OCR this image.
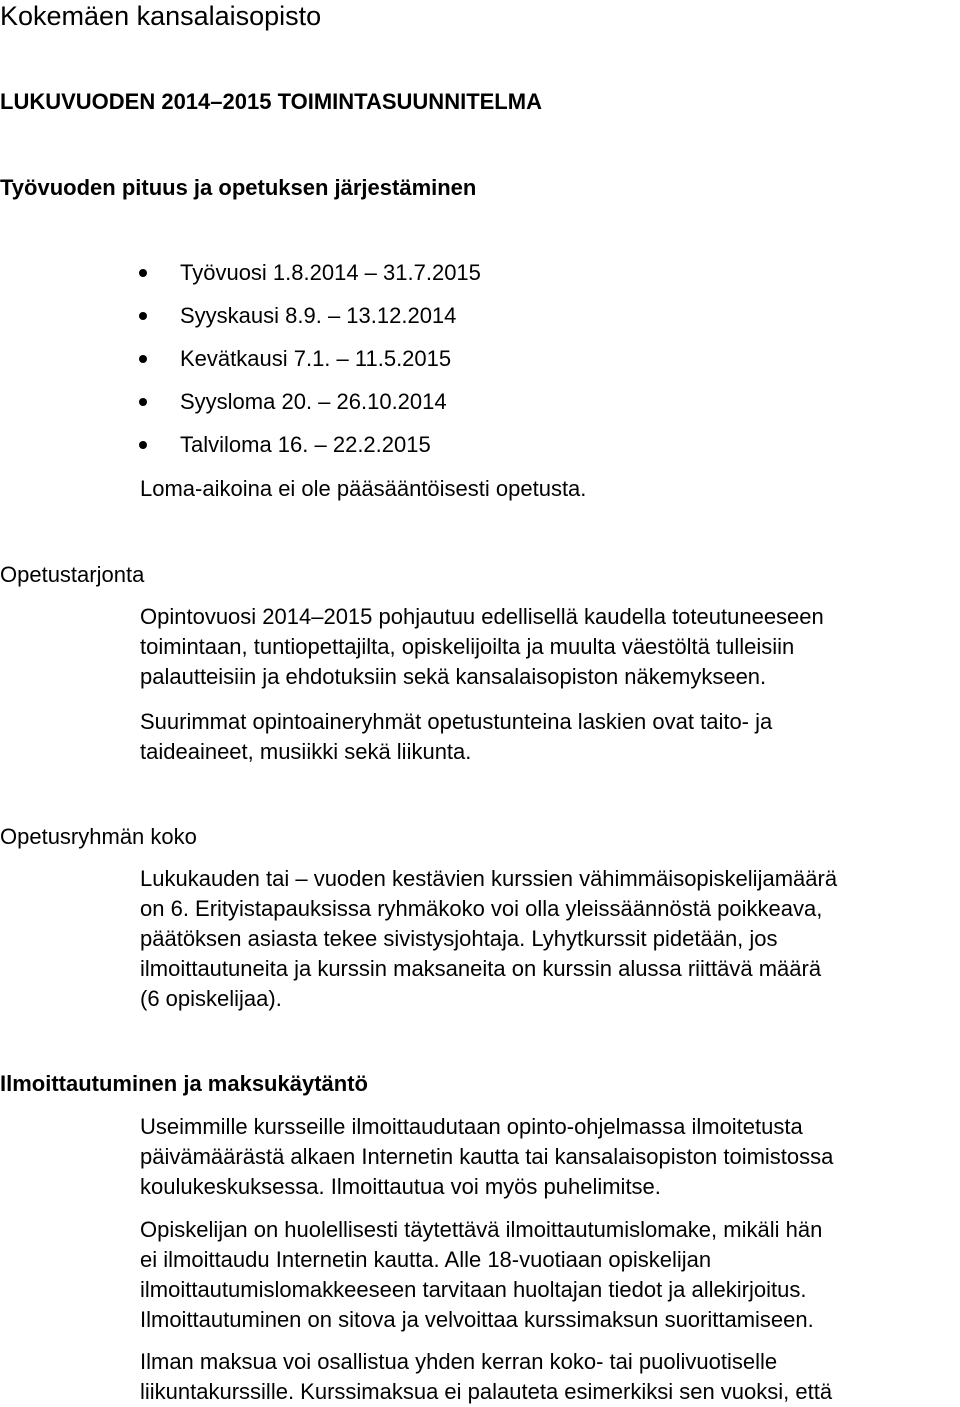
Kokemäen kansalaisopisto
LUKUVUODEN 2014–2015 TOIMINTASUUNNITELMA
Työvuoden pituus ja opetuksen järjestäminen
Työvuosi 1.8.2014 – 31.7.2015
Syyskausi 8.9. – 13.12.2014
Kevätkausi 7.1. – 11.5.2015
Syysloma 20. – 26.10.2014
Talviloma 16. – 22.2.2015
Loma-aikoina ei ole pääsääntöisesti opetusta.
Opetustarjonta

Opintovuosi 2014–2015 pohjautuu edellisellä kaudella toteutuneeseen
toimintaan, tuntiopettajilta, opiskelijoilta ja muulta väestöltä tulleisiin
palautteisiin ja ehdotuksiin sekä kansalaisopiston näkemykseen.

Suurimmat opintoaineryhmät opetustunteina laskien ovat taito- ja
taideaineet, musiikki sekä liikunta.

Opetusryhmän koko

Lukukauden tai – vuoden kestävien kurssien vähimmäisopiskelijamäärä
on 6. Erityistapauksissa ryhmäkoko voi olla yleissäännöstä poikkeava,
päätöksen asiasta tekee sivistysjohtaja. Lyhytkurssit pidetään, jos
ilmoittautuneita ja kurssin maksaneita on kurssin alussa riittävä määrä
(6 opiskelijaa).

Ilmoittautuminen ja maksukäytäntö

Useimmille kursseille ilmoittaudutaan opinto-ohjelmassa ilmoitetusta
päivämäärästä alkaen Internetin kautta tai kansalaisopiston toimistossa
koulukeskuksessa. Ilmoittautua voi myös puhelimitse.

Opiskelijan on huolellisesti täytettävä ilmoittautumislomake, mikäli hän
ei ilmoittaudu Internetin kautta. Alle 18-vuotiaan opiskelijan
ilmoittautumislomakkeeseen tarvitaan huoltajan tiedot ja allekirjoitus.
Ilmoittautuminen on sitova ja velvoittaa kurssimaksun suorittamiseen.

Ilman maksua voi osallistua yhden kerran koko- tai puolivuotiselle
liikuntakurssille. Kurssimaksua ei palauteta esimerkiksi sen vuoksi, että
